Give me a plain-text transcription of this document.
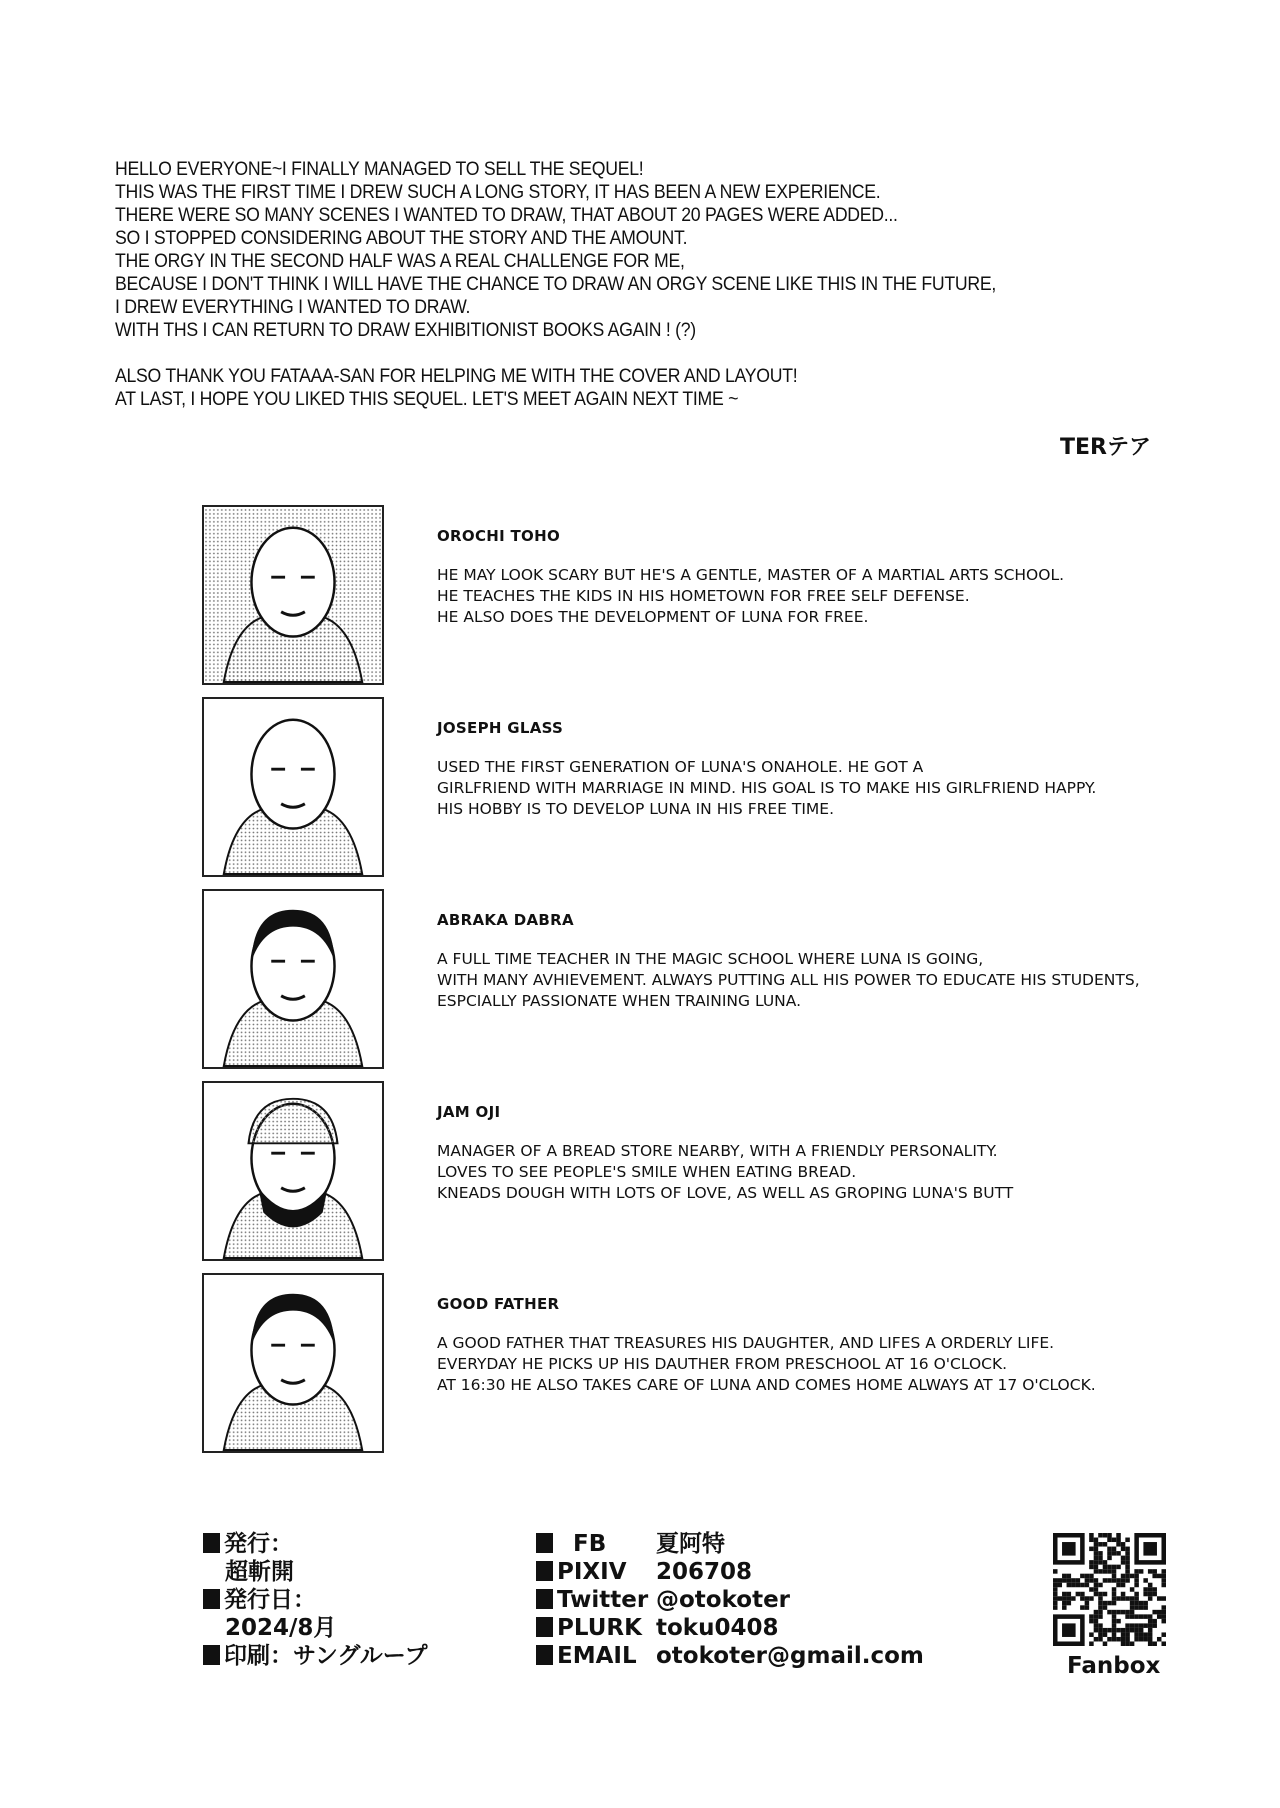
HELLO EVERYONE~I FINALLY MANAGED TO SELL THE SEQUEL!
THIS WAS THE FIRST TIME I DREW SUCH A LONG STORY, IT HAS BEEN A NEW EXPERIENCE.
THERE WERE SO MANY SCENES I WANTED TO DRAW, THAT ABOUT 20 PAGES WERE ADDED...
SO I STOPPED CONSIDERING ABOUT THE STORY AND THE AMOUNT.
THE ORGY IN THE SECOND HALF WAS A REAL CHALLENGE FOR ME,
BECAUSE I DON'T THINK I WILL HAVE THE CHANCE TO DRAW AN ORGY SCENE LIKE THIS IN THE FUTURE,
I DREW EVERYTHING I WANTED TO DRAW.
WITH THS I CAN RETURN TO DRAW EXHIBITIONIST BOOKS AGAIN ! (?)
ALSO THANK YOU FATAAA-SAN FOR HELPING ME WITH THE COVER AND LAYOUT!
AT LAST, I HOPE YOU LIKED THIS SEQUEL. LET'S MEET AGAIN NEXT TIME ~
TERテア
OROCHI TOHO
HE MAY LOOK SCARY BUT HE'S A GENTLE, MASTER OF A MARTIAL ARTS SCHOOL.
HE TEACHES THE KIDS IN HIS HOMETOWN FOR FREE SELF DEFENSE.
HE ALSO DOES THE DEVELOPMENT OF LUNA FOR FREE.
JOSEPH GLASS
USED THE FIRST GENERATION OF LUNA'S ONAHOLE. HE GOT A
GIRLFRIEND WITH MARRIAGE IN MIND. HIS GOAL IS TO MAKE HIS GIRLFRIEND HAPPY.
HIS HOBBY IS TO DEVELOP LUNA IN HIS FREE TIME.
ABRAKA DABRA
A FULL TIME TEACHER IN THE MAGIC SCHOOL WHERE LUNA IS GOING,
WITH MANY AVHIEVEMENT. ALWAYS PUTTING ALL HIS POWER TO EDUCATE HIS STUDENTS,
ESPCIALLY PASSIONATE WHEN TRAINING LUNA.
JAM OJI
MANAGER OF A BREAD STORE NEARBY, WITH A FRIENDLY PERSONALITY.
LOVES TO SEE PEOPLE'S SMILE WHEN EATING BREAD.
KNEADS DOUGH WITH LOTS OF LOVE, AS WELL AS GROPING LUNA'S BUTT
GOOD FATHER
A GOOD FATHER THAT TREASURES HIS DAUGHTER, AND LIFES A ORDERLY LIFE.
EVERYDAY HE PICKS UP HIS DAUTHER FROM PRESCHOOL AT 16 O'CLOCK.
AT 16:30 HE ALSO TAKES CARE OF LUNA AND COMES HOME ALWAYS AT 17 O'CLOCK.
発行：
超斬開
発行日：
2024/8月
印刷：サングループ
FB	夏阿特
PIXIV	206708
Twitter @otokoter
PLURK toku0408
EMAIL otokoter@gmail.com	Fanbox
